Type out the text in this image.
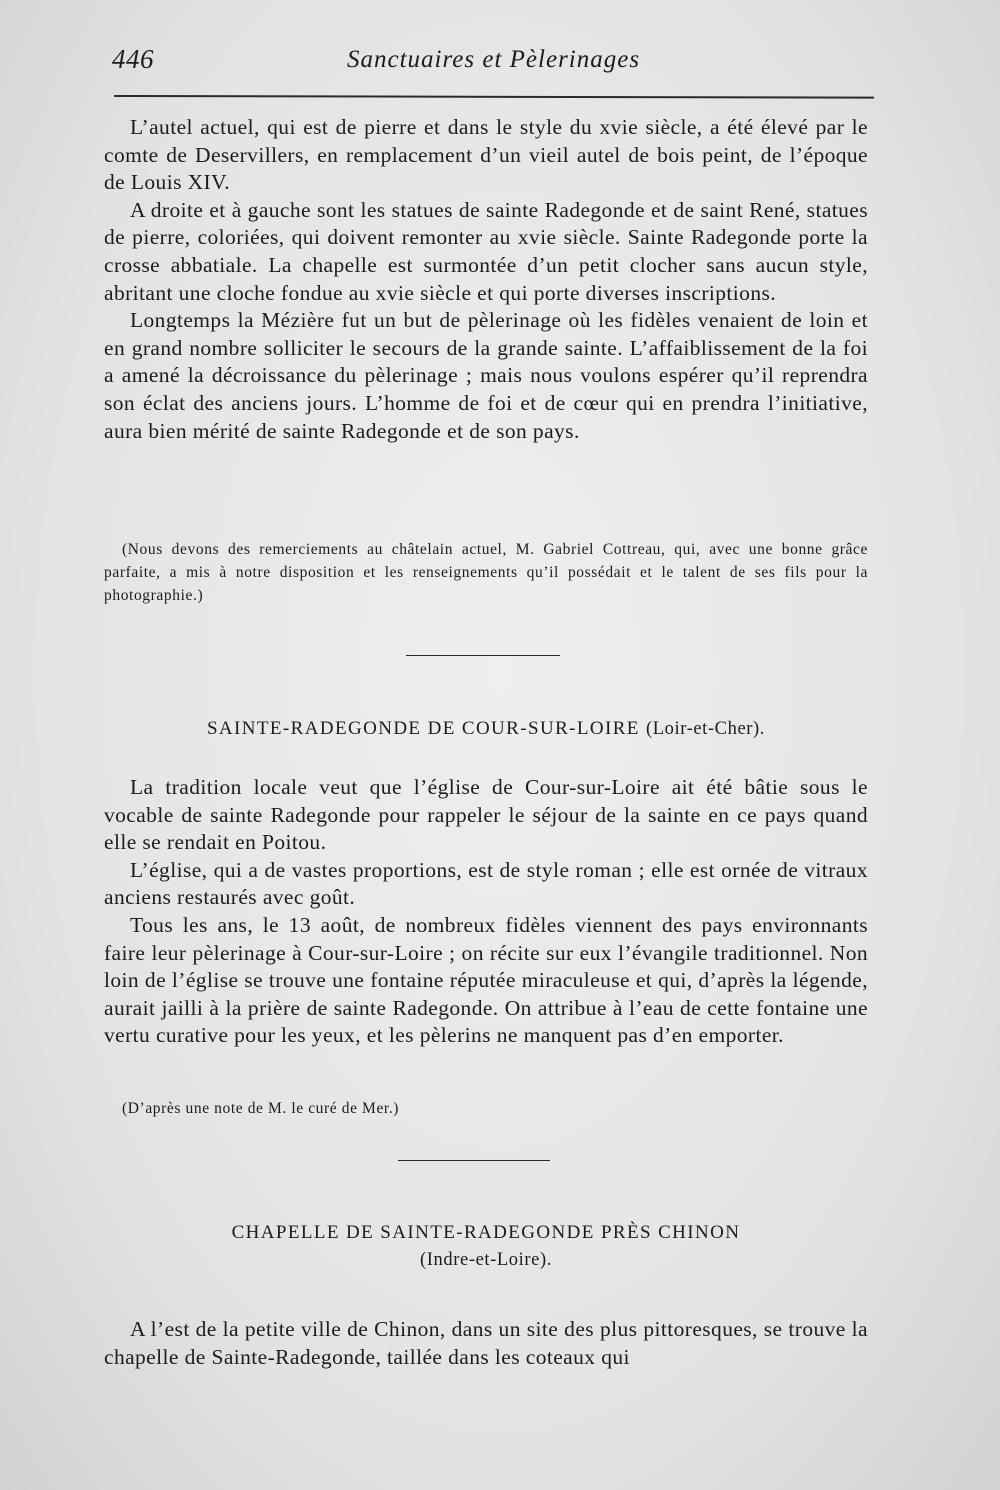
446	Sanctuaires et Pèlerinages

L’autel actuel, qui est de pierre et dans le style du xvie siècle, a été élevé par le comte de Deservillers, en remplacement d’un vieil autel de bois peint, de l’époque de Louis XIV.

A droite et à gauche sont les statues de sainte Radegonde et de saint René, statues de pierre, coloriées, qui doivent remonter au xvie siècle. Sainte Radegonde porte la crosse abbatiale. La chapelle est surmontée d’un petit clocher sans aucun style, abritant une cloche fondue au xvie siècle et qui porte diverses inscriptions.

Longtemps la Mézière fut un but de pèlerinage où les fidèles venaient de loin et en grand nombre solliciter le secours de la grande sainte. L’affaiblissement de la foi a amené la décroissance du pèlerinage ; mais nous voulons espérer qu’il reprendra son éclat des anciens jours. L’homme de foi et de cœur qui en prendra l’initiative, aura bien mérité de sainte Radegonde et de son pays.

(Nous devons des remerciements au châtelain actuel, M. Gabriel Cottreau, qui, avec une bonne grâce parfaite, a mis à notre disposition et les renseignements qu’il possédait et le talent de ses fils pour la photographie.)

SAINTE-RADEGONDE DE COUR-SUR-LOIRE (Loir-et-Cher).

La tradition locale veut que l’église de Cour-sur-Loire ait été bâtie sous le vocable de sainte Radegonde pour rappeler le séjour de la sainte en ce pays quand elle se rendait en Poitou.

L’église, qui a de vastes proportions, est de style roman ; elle est ornée de vitraux anciens restaurés avec goût.

Tous les ans, le 13 août, de nombreux fidèles viennent des pays environnants faire leur pèlerinage à Cour-sur-Loire ; on récite sur eux l’évangile traditionnel. Non loin de l’église se trouve une fontaine réputée miraculeuse et qui, d’après la légende, aurait jailli à la prière de sainte Radegonde. On attribue à l’eau de cette fontaine une vertu curative pour les yeux, et les pèlerins ne manquent pas d’en emporter.

(D’après une note de M. le curé de Mer.)

CHAPELLE DE SAINTE-RADEGONDE PRÈS CHINON
(Indre-et-Loire).

A l’est de la petite ville de Chinon, dans un site des plus pittoresques, se trouve la chapelle de Sainte-Radegonde, taillée dans les coteaux qui
